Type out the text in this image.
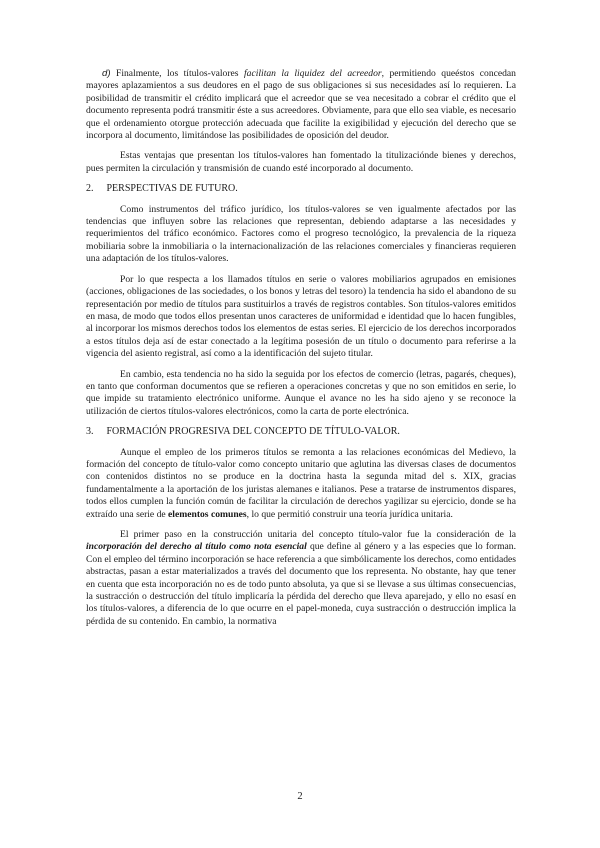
d) Finalmente, los títulos-valores facilitan la liquidez del acreedor, permitiendo queéstos concedan mayores aplazamientos a sus deudores en el pago de sus obligaciones si sus necesidades así lo requieren. La posibilidad de transmitir el crédito implicará que el acreedor que se vea necesitado a cobrar el crédito que el documento representa podrá transmitir éste a sus acreedores. Obviamente, para que ello sea viable, es necesario que el ordenamiento otorgue protección adecuada que facilite la exigibilidad y ejecución del derecho que se incorpora al documento, limitándose las posibilidades de oposición del deudor.

Estas ventajas que presentan los títulos-valores han fomentado la titulizaciónde bienes y derechos, pues permiten la circulación y transmisión de cuando esté incorporado al documento.

2. PERSPECTIVAS DE FUTURO.

Como instrumentos del tráfico jurídico, los títulos-valores se ven igualmente afectados por las tendencias que influyen sobre las relaciones que representan, debiendo adaptarse a las necesidades y requerimientos del tráfico económico. Factores como el progreso tecnológico, la prevalencia de la riqueza mobiliaria sobre la inmobiliaria o la internacionalización de las relaciones comerciales y financieras requieren una adaptación de los títulos-valores.

Por lo que respecta a los llamados títulos en serie o valores mobiliarios agrupados en emisiones (acciones, obligaciones de las sociedades, o los bonos y letras del tesoro) la tendencia ha sido el abandono de su representación por medio de títulos para sustituirlos a través de registros contables. Son títulos-valores emitidos en masa, de modo que todos ellos presentan unos caracteres de uniformidad e identidad que lo hacen fungibles, al incorporar los mismos derechos todos los elementos de estas series. El ejercicio de los derechos incorporados a estos títulos deja así de estar conectado a la legítima posesión de un título o documento para referirse a la vigencia del asiento registral, así como a la identificación del sujeto titular.

En cambio, esta tendencia no ha sido la seguida por los efectos de comercio (letras, pagarés, cheques), en tanto que conforman documentos que se refieren a operaciones concretas y que no son emitidos en serie, lo que impide su tratamiento electrónico uniforme. Aunque el avance no les ha sido ajeno y se reconoce la utilización de ciertos títulos-valores electrónicos, como la carta de porte electrónica.

3. FORMACIÓN PROGRESIVA DEL CONCEPTO DE TÍTULO-VALOR.

Aunque el empleo de los primeros títulos se remonta a las relaciones económicas del Medievo, la formación del concepto de título-valor como concepto unitario que aglutina las diversas clases de documentos con contenidos distintos no se produce en la doctrina hasta la segunda mitad del s. XIX, gracias fundamentalmente a la aportación de los juristas alemanes e italianos. Pese a tratarse de instrumentos dispares, todos ellos cumplen la función común de facilitar la circulación de derechos yagilizar su ejercicio, donde se ha extraído una serie de elementos comunes, lo que permitió construir una teoría jurídica unitaria.

El primer paso en la construcción unitaria del concepto título-valor fue la consideración de la incorporación del derecho al título como nota esencial que define al género y a las especies que lo forman. Con el empleo del término incorporación se hace referencia a que simbólicamente los derechos, como entidades abstractas, pasan a estar materializados a través del documento que los representa. No obstante, hay que tener en cuenta que esta incorporación no es de todo punto absoluta, ya que si se llevase a sus últimas consecuencias, la sustracción o destrucción del título implicaría la pérdida del derecho que lleva aparejado, y ello no esasí en los títulos-valores, a diferencia de lo que ocurre en el papel-moneda, cuya sustracción o destrucción implica la pérdida de su contenido. En cambio, la normativa

2
